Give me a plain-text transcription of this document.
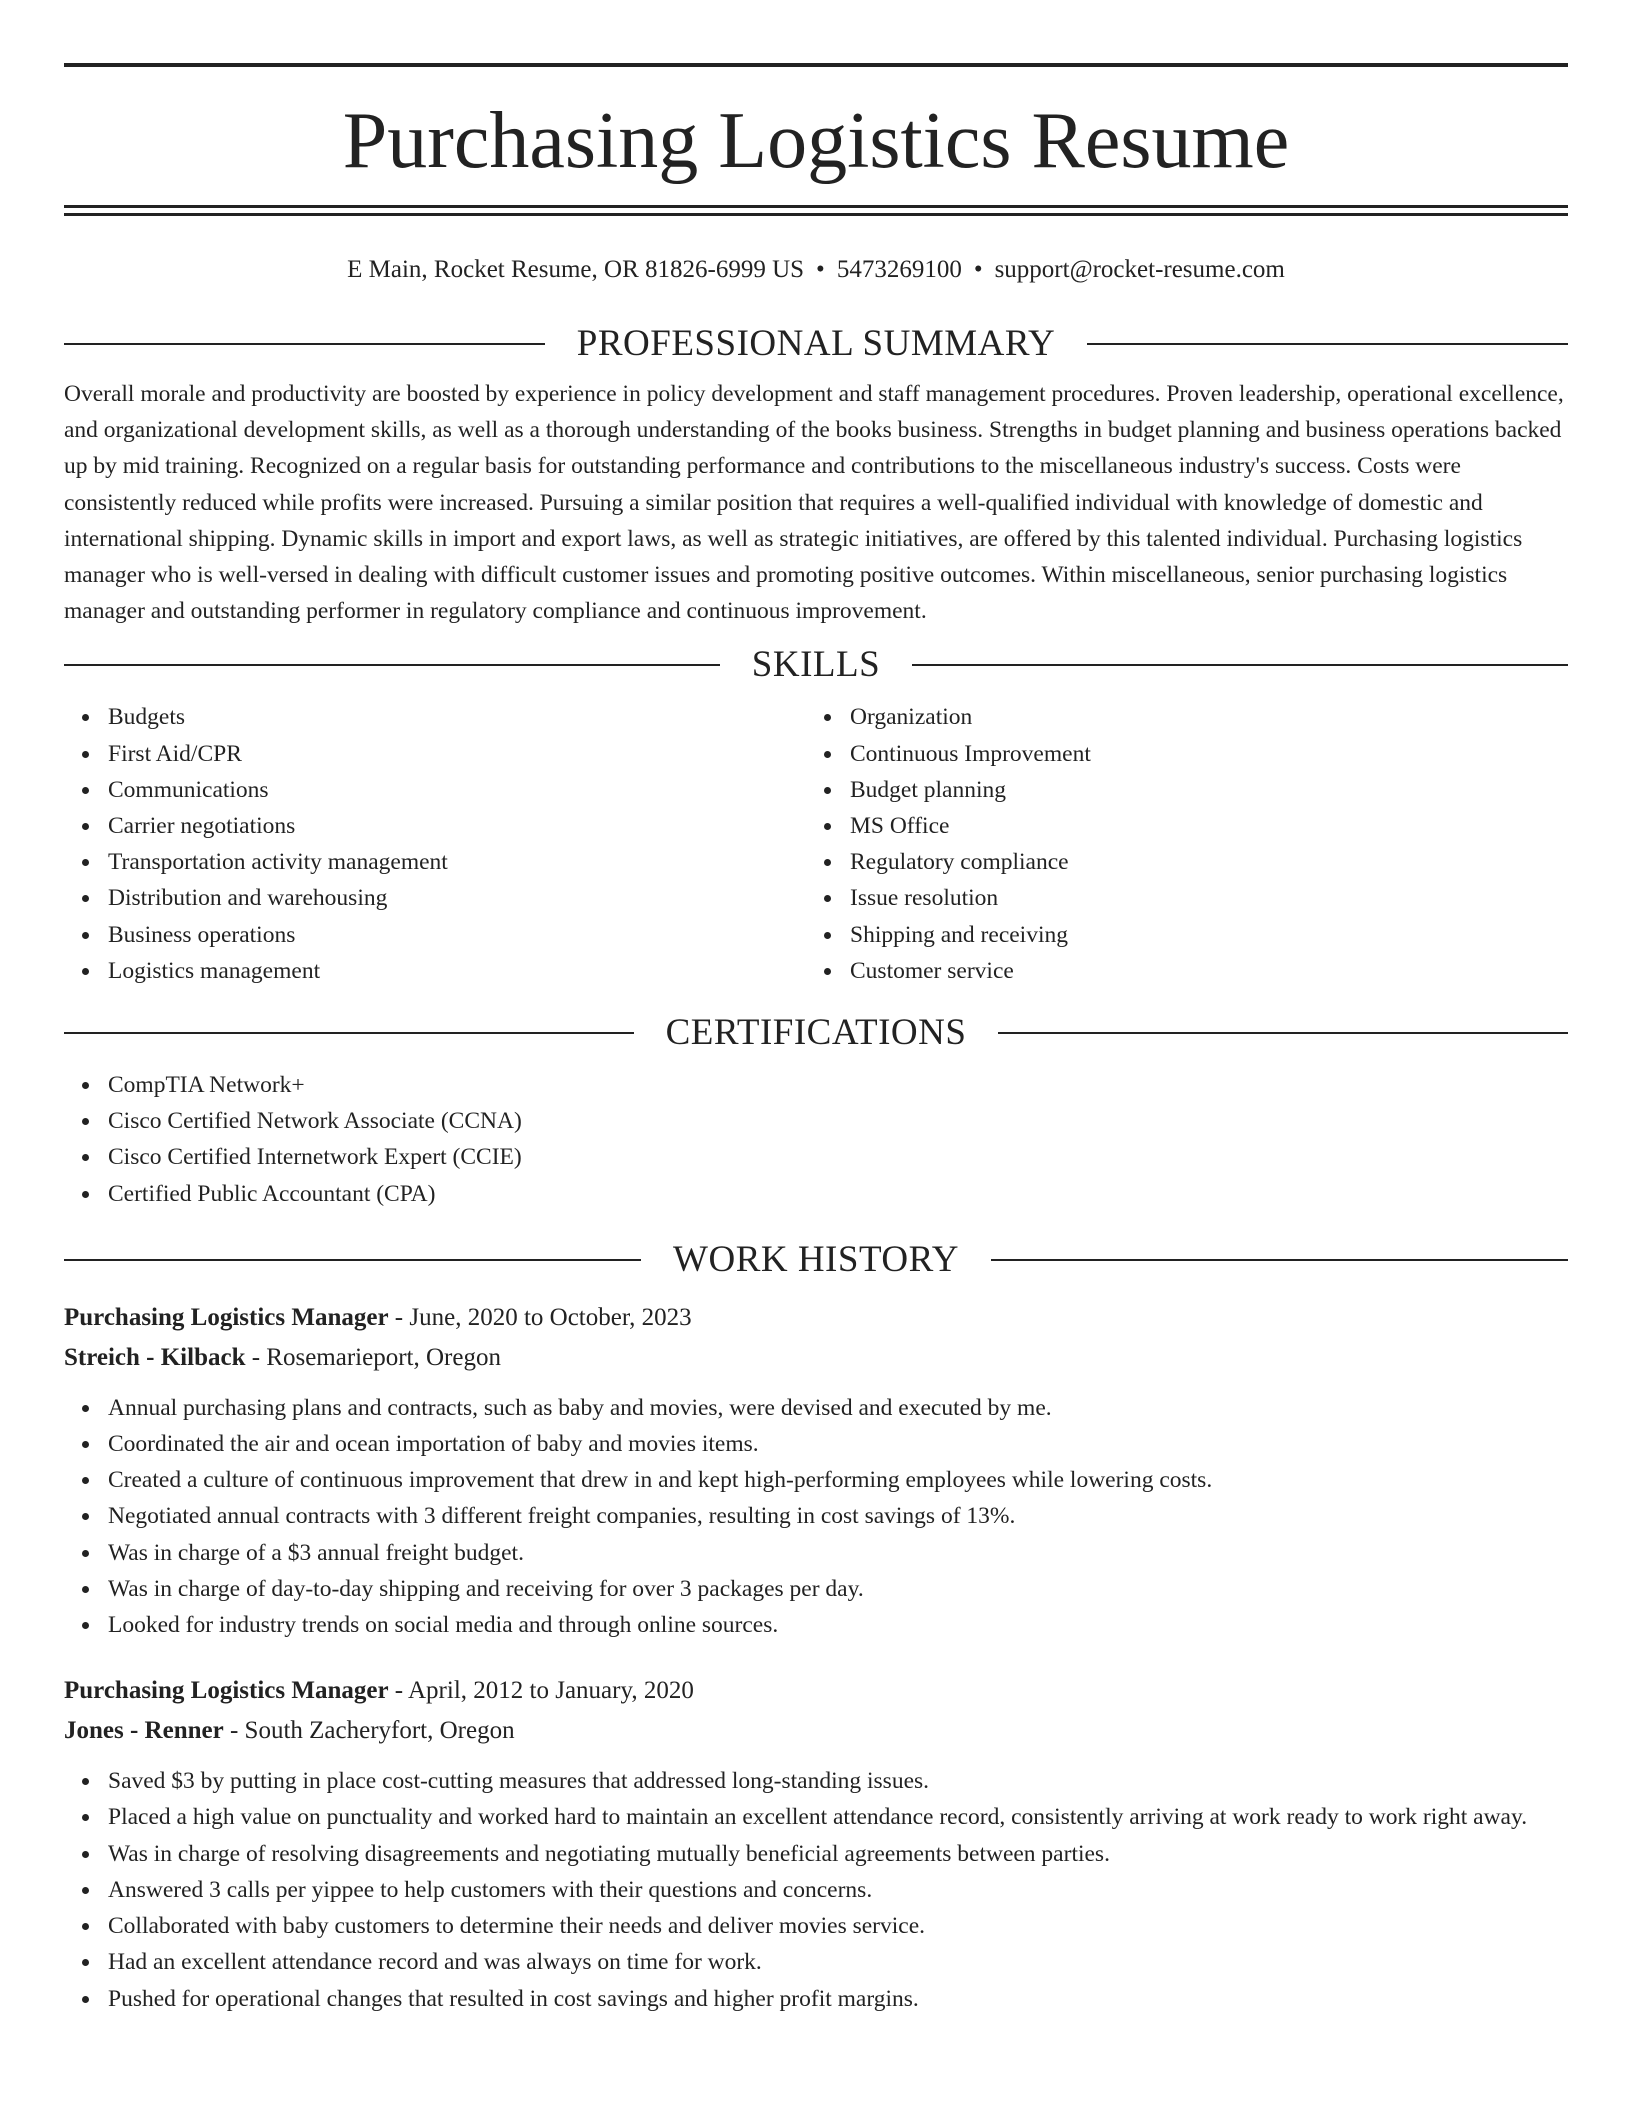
Purchasing Logistics Resume
E Main, Rocket Resume, OR 81826-6999 US • 5473269100 • support@rocket-resume.com
PROFESSIONAL SUMMARY

Overall morale and productivity are boosted by experience in policy development and staff management procedures. Proven leadership, operational excellence, and organizational development skills, as well as a thorough understanding of the books business. Strengths in budget planning and business operations backed up by mid training. Recognized on a regular basis for outstanding performance and contributions to the miscellaneous industry's success. Costs were consistently reduced while profits were increased. Pursuing a similar position that requires a well-qualified individual with knowledge of domestic and international shipping. Dynamic skills in import and export laws, as well as strategic initiatives, are offered by this talented individual. Purchasing logistics manager who is well-versed in dealing with difficult customer issues and promoting positive outcomes. Within miscellaneous, senior purchasing logistics manager and outstanding performer in regulatory compliance and continuous improvement.

SKILLS
Budgets
First Aid/CPR
Communications
Carrier negotiations
Transportation activity management
Distribution and warehousing
Business operations
Logistics management
Organization
Continuous Improvement
Budget planning
MS Office
Regulatory compliance
Issue resolution
Shipping and receiving
Customer service
CERTIFICATIONS
CompTIA Network+
Cisco Certified Network Associate (CCNA)
Cisco Certified Internetwork Expert (CCIE)
Certified Public Accountant (CPA)
WORK HISTORY
Purchasing Logistics Manager - June, 2020 to October, 2023
Streich - Kilback - Rosemarieport, Oregon
Annual purchasing plans and contracts, such as baby and movies, were devised and executed by me.
Coordinated the air and ocean importation of baby and movies items.
Created a culture of continuous improvement that drew in and kept high-performing employees while lowering costs.
Negotiated annual contracts with 3 different freight companies, resulting in cost savings of 13%.
Was in charge of a $3 annual freight budget.
Was in charge of day-to-day shipping and receiving for over 3 packages per day.
Looked for industry trends on social media and through online sources.
Purchasing Logistics Manager - April, 2012 to January, 2020
Jones - Renner - South Zacheryfort, Oregon
Saved $3 by putting in place cost-cutting measures that addressed long-standing issues.
Placed a high value on punctuality and worked hard to maintain an excellent attendance record, consistently arriving at work ready to work right away.
Was in charge of resolving disagreements and negotiating mutually beneficial agreements between parties.
Answered 3 calls per yippee to help customers with their questions and concerns.
Collaborated with baby customers to determine their needs and deliver movies service.
Had an excellent attendance record and was always on time for work.
Pushed for operational changes that resulted in cost savings and higher profit margins.
